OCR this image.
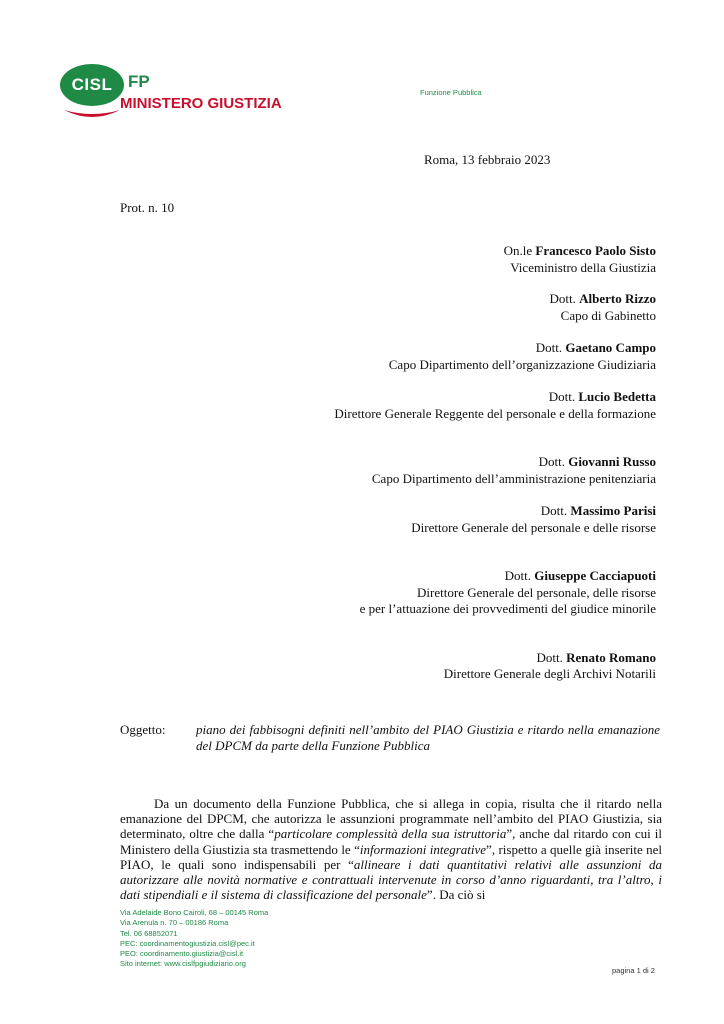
CISL FP
MINISTERO GIUSTIZIA
Funzione Pubblica
Roma, 13 febbraio 2023
Prot. n. 10
On.le Francesco Paolo Sisto
Viceministro della Giustizia
Dott. Alberto Rizzo
Capo di Gabinetto
Dott. Gaetano Campo
Capo Dipartimento dell’organizzazione Giudiziaria
Dott. Lucio Bedetta
Direttore Generale Reggente del personale e della formazione
Dott. Giovanni Russo
Capo Dipartimento dell’amministrazione penitenziaria
Dott. Massimo Parisi
Direttore Generale del personale e delle risorse
Dott. Giuseppe Cacciapuoti
Direttore Generale del personale, delle risorse
e per l’attuazione dei provvedimenti del giudice minorile
Dott. Renato Romano
Direttore Generale degli Archivi Notarili
Oggetto: piano dei fabbisogni definiti nell’ambito del PIAO Giustizia e ritardo nella emanazione del DPCM da parte della Funzione Pubblica
Da un documento della Funzione Pubblica, che si allega in copia, risulta che il ritardo nella emanazione del DPCM, che autorizza le assunzioni programmate nell’ambito del PIAO Giustizia, sia determinato, oltre che dalla “particolare complessità della sua istruttoria”, anche dal ritardo con cui il Ministero della Giustizia sta trasmettendo le “informazioni integrative”, rispetto a quelle già inserite nel PIAO, le quali sono indispensabili per “allineare i dati quantitativi relativi alle assunzioni da autorizzare alle novità normative e contrattuali intervenute in corso d’anno riguardanti, tra l’altro, i dati stipendiali e il sistema di classificazione del personale”. Da ciò si
Via Adelaide Bono Cairoli, 68 – 00145 Roma
Via Arenula n. 70 – 00186 Roma
Tel. 06 68852071
PEC: coordinamentogiustizia.cisl@pec.it
PEO: coordinamento.giustizia@cisl.it
Sito internet: www.cislfpgiudiziario.org
pagina 1 di 2
